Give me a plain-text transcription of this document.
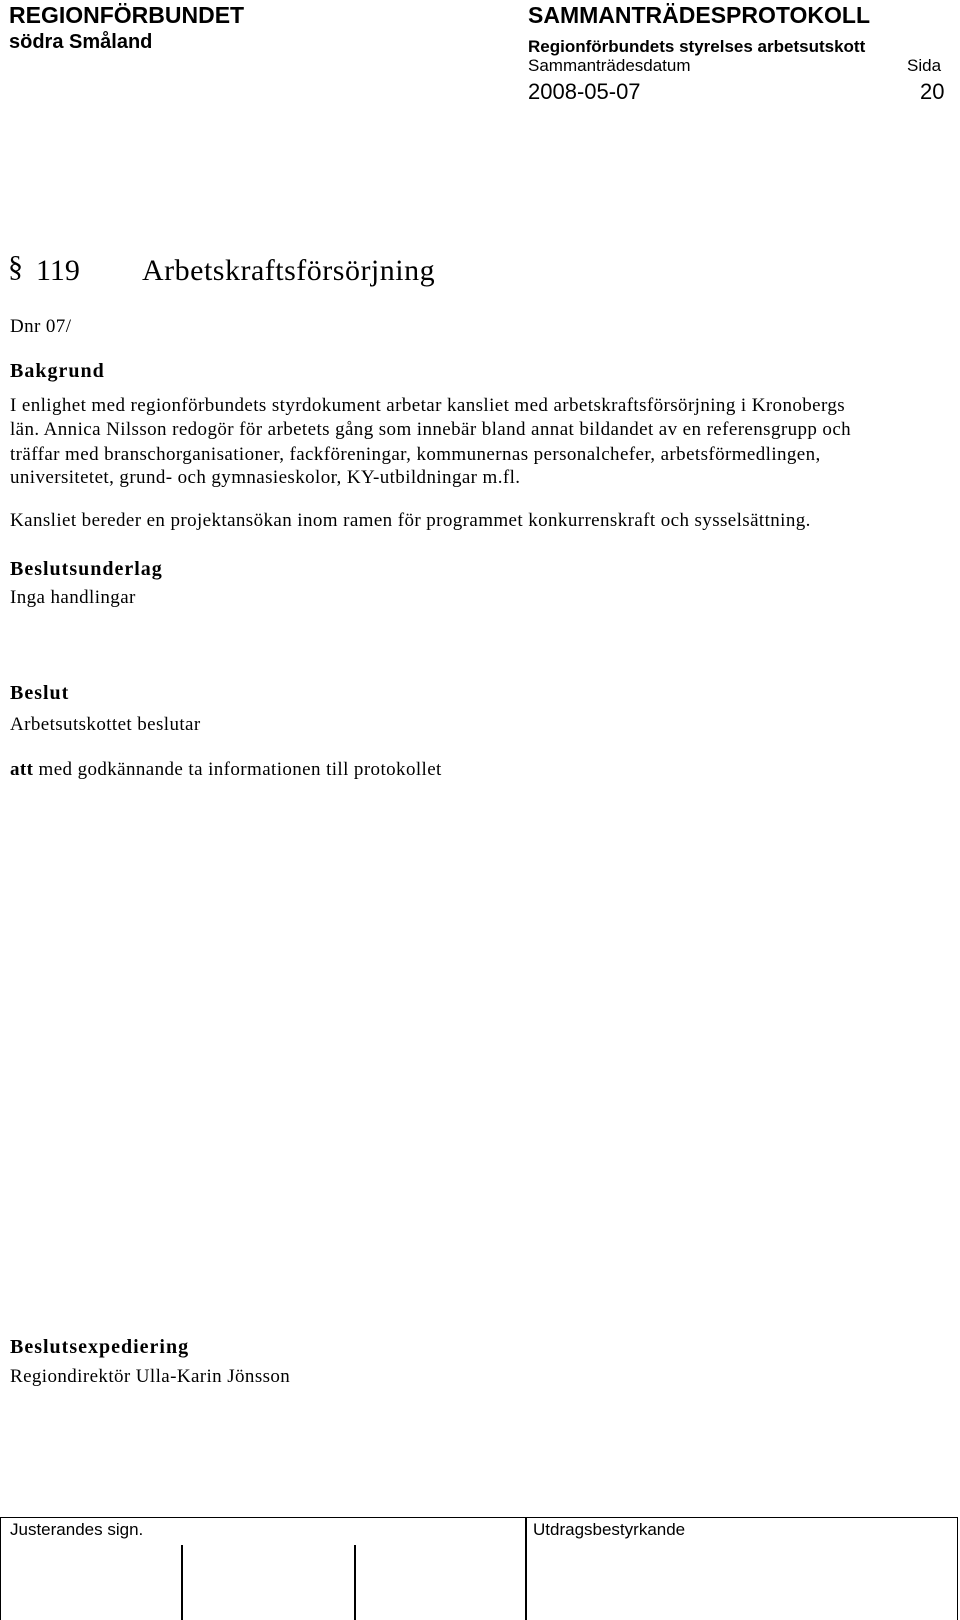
REGIONFÖRBUNDET
södra Småland
SAMMANTRÄDESPROTOKOLL
Regionförbundets styrelses arbetsutskott
Sammanträdesdatum	Sida
2008-05-07	20
§ 119 Arbetskraftsförsörjning
Dnr 07/
Bakgrund
I enlighet med regionförbundets styrdokument arbetar kansliet med arbetskraftsförsörjning i Kronobergs
län. Annica Nilsson redogör för arbetets gång som innebär bland annat bildandet av en referensgrupp och
träffar med branschorganisationer, fackföreningar, kommunernas personalchefer, arbetsförmedlingen,
universitetet, grund- och gymnasieskolor, KY-utbildningar m.fl.
Kansliet bereder en projektansökan inom ramen för programmet konkurrenskraft och sysselsättning.
Beslutsunderlag
Inga handlingar
Beslut
Arbetsutskottet beslutar
att med godkännande ta informationen till protokollet
Beslutsexpediering
Regiondirektör Ulla-Karin Jönsson
Justerandes sign.	Utdragsbestyrkande
